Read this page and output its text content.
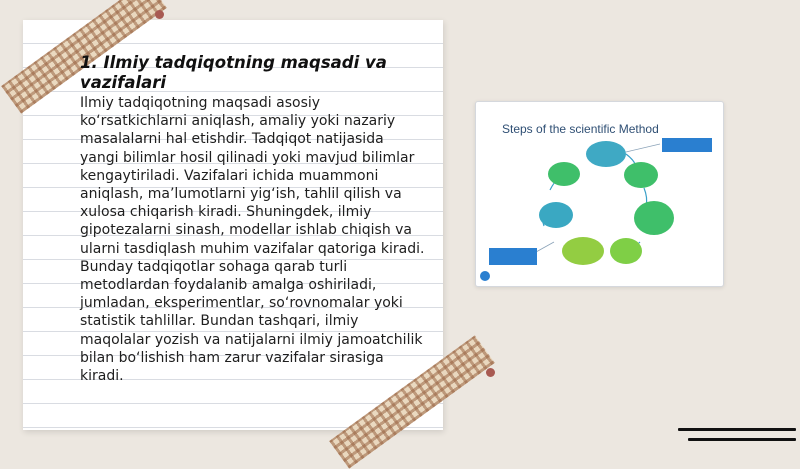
1. Ilmiy tadqiqotning maqsadi va vazifalari

Ilmiy tadqiqotning maqsadi asosiy ko‘rsatkichlarni aniqlash, amaliy yoki nazariy masalalarni hal etishdir. Tadqiqot natijasida yangi bilimlar hosil qilinadi yoki mavjud bilimlar kengaytiriladi. Vazifalari ichida muammoni aniqlash, ma’lumotlarni yig‘ish, tahlil qilish va xulosa chiqarish kiradi. Shuningdek, ilmiy gipotezalarni sinash, modellar ishlab chiqish va ularni tasdiqlash muhim vazifalar qatoriga kiradi. Bunday tadqiqotlar sohaga qarab turli metodlardan foydalanib amalga oshiriladi, jumladan, eksperimentlar, so‘rovnomalar yoki statistik tahlillar. Bundan tashqari, ilmiy maqolalar yozish va natijalarni ilmiy jamoatchilik bilan bo‘lishish ham zarur vazifalar sirasiga kiradi.

Steps of the scientific Method
